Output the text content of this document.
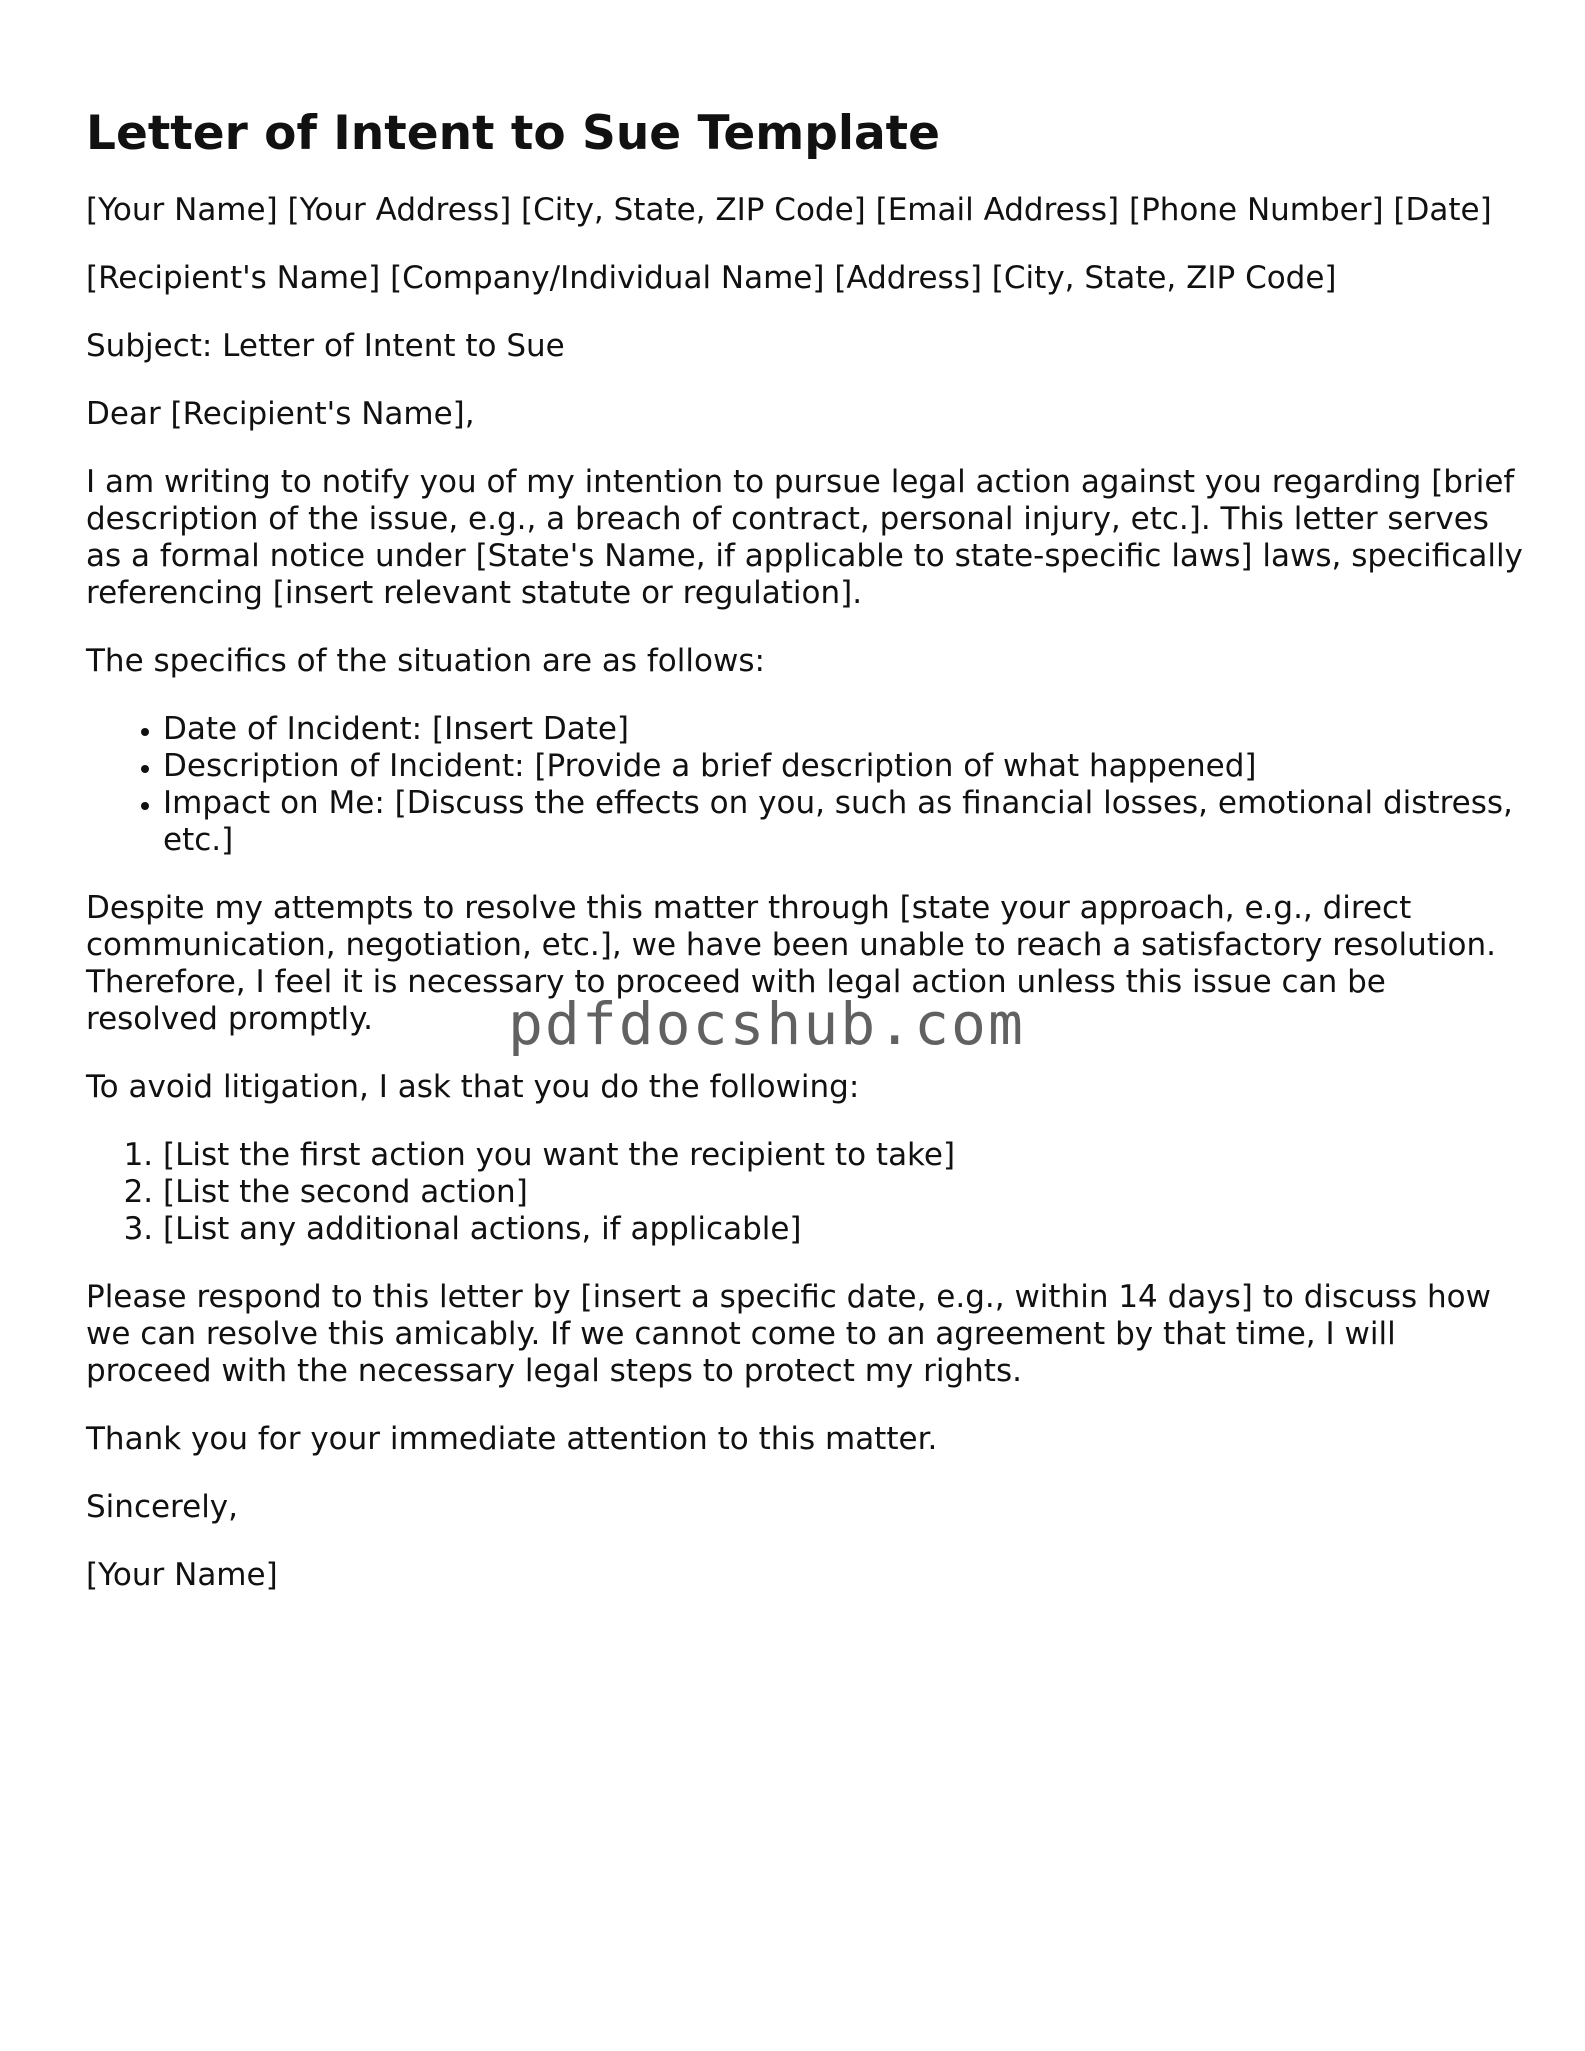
Letter of Intent to Sue Template

[Your Name] [Your Address] [City, State, ZIP Code] [Email Address] [Phone Number] [Date]

[Recipient's Name] [Company/Individual Name] [Address] [City, State, ZIP Code]

Subject: Letter of Intent to Sue

Dear [Recipient's Name],

I am writing to notify you of my intention to pursue legal action against you regarding [brief description of the issue, e.g., a breach of contract, personal injury, etc.]. This letter serves as a formal notice under [State's Name, if applicable to state-specific laws] laws, specifically referencing [insert relevant statute or regulation].

The specifics of the situation are as follows:

• Date of Incident: [Insert Date]
• Description of Incident: [Provide a brief description of what happened]
• Impact on Me: [Discuss the effects on you, such as financial losses, emotional distress, etc.]

Despite my attempts to resolve this matter through [state your approach, e.g., direct communication, negotiation, etc.], we have been unable to reach a satisfactory resolution. Therefore, I feel it is necessary to proceed with legal action unless this issue can be resolved promptly.

To avoid litigation, I ask that you do the following:

1. [List the first action you want the recipient to take]
2. [List the second action]
3. [List any additional actions, if applicable]

Please respond to this letter by [insert a specific date, e.g., within 14 days] to discuss how we can resolve this amicably. If we cannot come to an agreement by that time, I will proceed with the necessary legal steps to protect my rights.

Thank you for your immediate attention to this matter.

Sincerely,

[Your Name]

pdfdocshub.com
